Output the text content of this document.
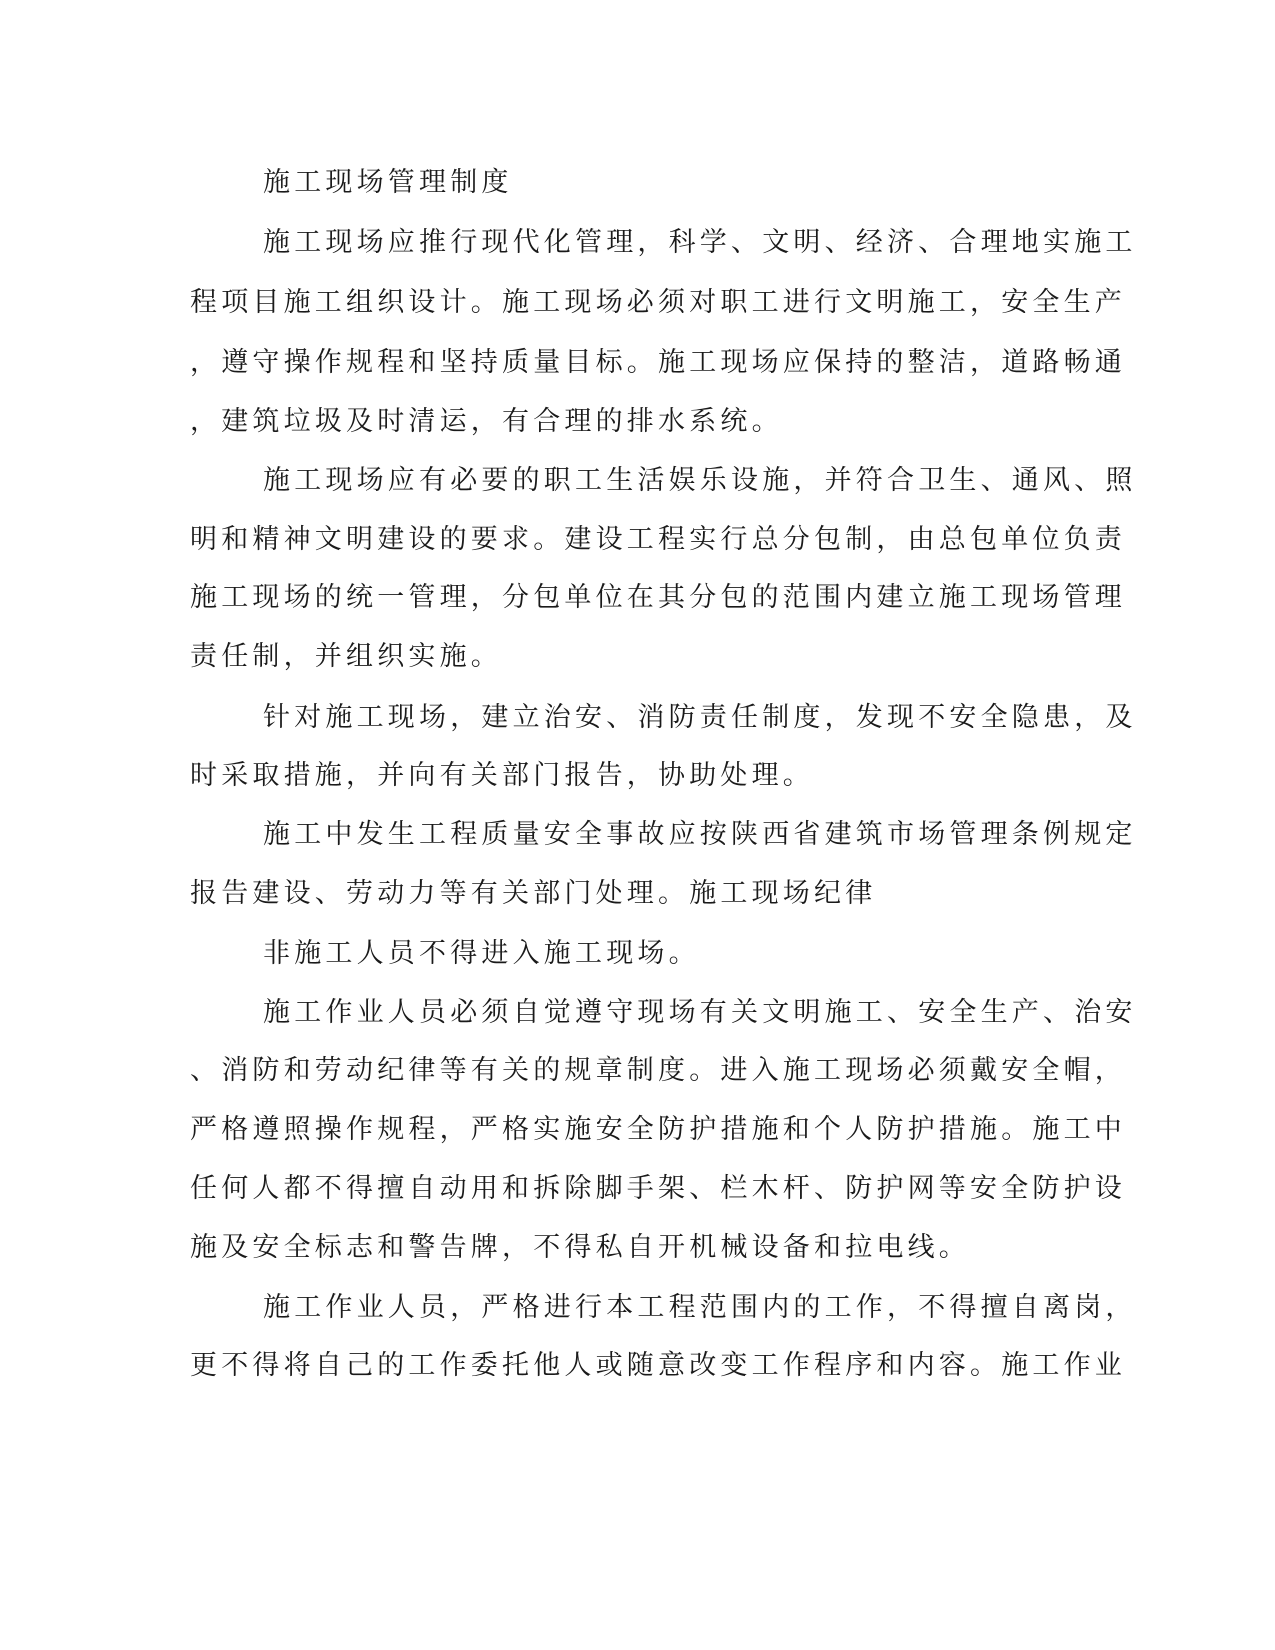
施工现场管理制度
施工现场应推行现代化管理，科学、文明、经济、合理地实施工
程项目施工组织设计。施工现场必须对职工进行文明施工，安全生产
，遵守操作规程和坚持质量目标。施工现场应保持的整洁，道路畅通
，建筑垃圾及时清运，有合理的排水系统。
施工现场应有必要的职工生活娱乐设施，并符合卫生、通风、照
明和精神文明建设的要求。建设工程实行总分包制，由总包单位负责
施工现场的统一管理，分包单位在其分包的范围内建立施工现场管理
责任制，并组织实施。
针对施工现场，建立治安、消防责任制度，发现不安全隐患，及
时采取措施，并向有关部门报告，协助处理。
施工中发生工程质量安全事故应按陕西省建筑市场管理条例规定
报告建设、劳动力等有关部门处理。施工现场纪律
非施工人员不得进入施工现场。
施工作业人员必须自觉遵守现场有关文明施工、安全生产、治安
、消防和劳动纪律等有关的规章制度。进入施工现场必须戴安全帽，
严格遵照操作规程，严格实施安全防护措施和个人防护措施。施工中
任何人都不得擅自动用和拆除脚手架、栏木杆、防护网等安全防护设
施及安全标志和警告牌，不得私自开机械设备和拉电线。
施工作业人员，严格进行本工程范围内的工作，不得擅自离岗，
更不得将自己的工作委托他人或随意改变工作程序和内容。施工作业
